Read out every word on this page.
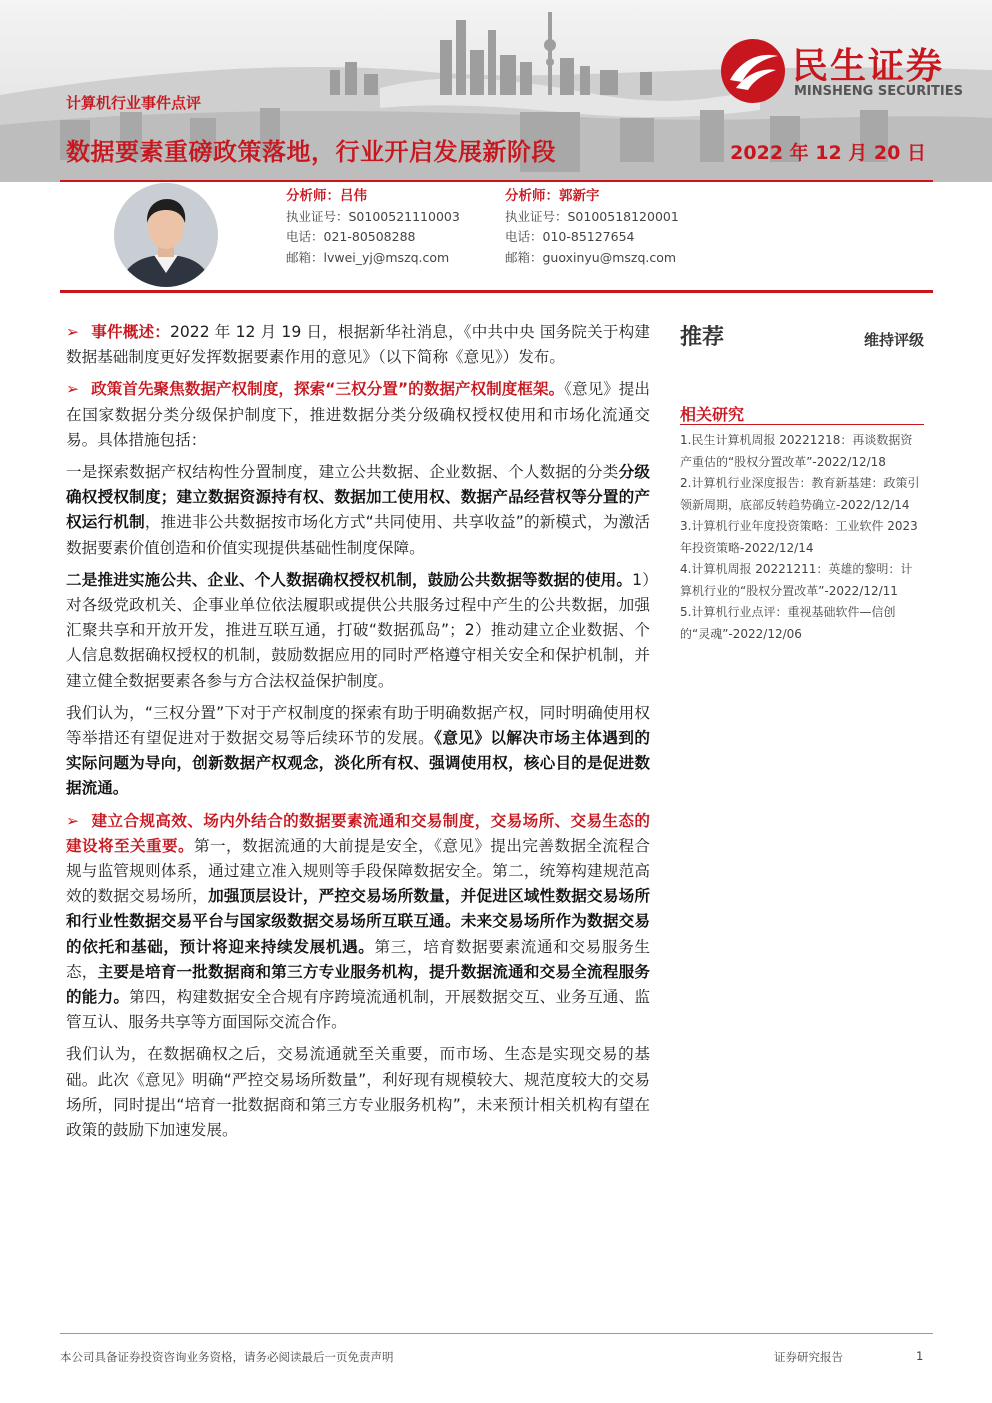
民生证券
MINSHENG SECURITIES
计算机行业事件点评
数据要素重磅政策落地，行业开启发展新阶段	2022 年 12 月 20 日
分析师：吕伟
执业证号：S0100521110003
电话：021-80508288
邮箱：lvwei_yj@mszq.com
分析师：郭新宇
执业证号：S0100518120001
电话：010-85127654
邮箱：guoxinyu@mszq.com

➢ 事件概述：2022 年 12 月 19 日，根据新华社消息，《中共中央 国务院关于构建数据基础制度更好发挥数据要素作用的意见》（以下简称《意见》）发布。

➢ 政策首先聚焦数据产权制度，探索“三权分置”的数据产权制度框架。《意见》提出在国家数据分类分级保护制度下，推进数据分类分级确权授权使用和市场化流通交易。具体措施包括：

一是探索数据产权结构性分置制度，建立公共数据、企业数据、个人数据的分类分级确权授权制度；建立数据资源持有权、数据加工使用权、数据产品经营权等分置的产权运行机制，推进非公共数据按市场化方式“共同使用、共享收益”的新模式，为激活数据要素价值创造和价值实现提供基础性制度保障。

二是推进实施公共、企业、个人数据确权授权机制，鼓励公共数据等数据的使用。1）对各级党政机关、企事业单位依法履职或提供公共服务过程中产生的公共数据，加强汇聚共享和开放开发，推进互联互通，打破“数据孤岛”；2）推动建立企业数据、个人信息数据确权授权的机制，鼓励数据应用的同时严格遵守相关安全和保护机制，并建立健全数据要素各参与方合法权益保护制度。

我们认为，“三权分置”下对于产权制度的探索有助于明确数据产权，同时明确使用权等举措还有望促进对于数据交易等后续环节的发展。《意见》以解决市场主体遇到的实际问题为导向，创新数据产权观念，淡化所有权、强调使用权，核心目的是促进数据流通。

➢ 建立合规高效、场内外结合的数据要素流通和交易制度，交易场所、交易生态的建设将至关重要。第一，数据流通的大前提是安全，《意见》提出完善数据全流程合规与监管规则体系，通过建立准入规则等手段保障数据安全。第二，统筹构建规范高效的数据交易场所，加强顶层设计，严控交易场所数量，并促进区域性数据交易场所和行业性数据交易平台与国家级数据交易场所互联互通。未来交易场所作为数据交易的依托和基础，预计将迎来持续发展机遇。第三，培育数据要素流通和交易服务生态，主要是培育一批数据商和第三方专业服务机构，提升数据流通和交易全流程服务的能力。第四，构建数据安全合规有序跨境流通机制，开展数据交互、业务互通、监管互认、服务共享等方面国际交流合作。

我们认为，在数据确权之后，交易流通就至关重要，而市场、生态是实现交易的基础。此次《意见》明确“严控交易场所数量”，利好现有规模较大、规范度较大的交易场所，同时提出“培育一批数据商和第三方专业服务机构”，未来预计相关机构有望在政策的鼓励下加速发展。

推荐	维持评级
相关研究
1.民生计算机周报 20221218：再谈数据资产重估的“股权分置改革”-2022/12/18
2.计算机行业深度报告：教育新基建：政策引领新周期，底部反转趋势确立-2022/12/14
3.计算机行业年度投资策略：工业软件 2023 年投资策略-2022/12/14
4.计算机周报 20221211：英雄的黎明：计算机行业的“股权分置改革”-2022/12/11
5.计算机行业点评：重视基础软件—信创的“灵魂”-2022/12/06
本公司具备证券投资咨询业务资格，请务必阅读最后一页免责声明	证券研究报告	1
